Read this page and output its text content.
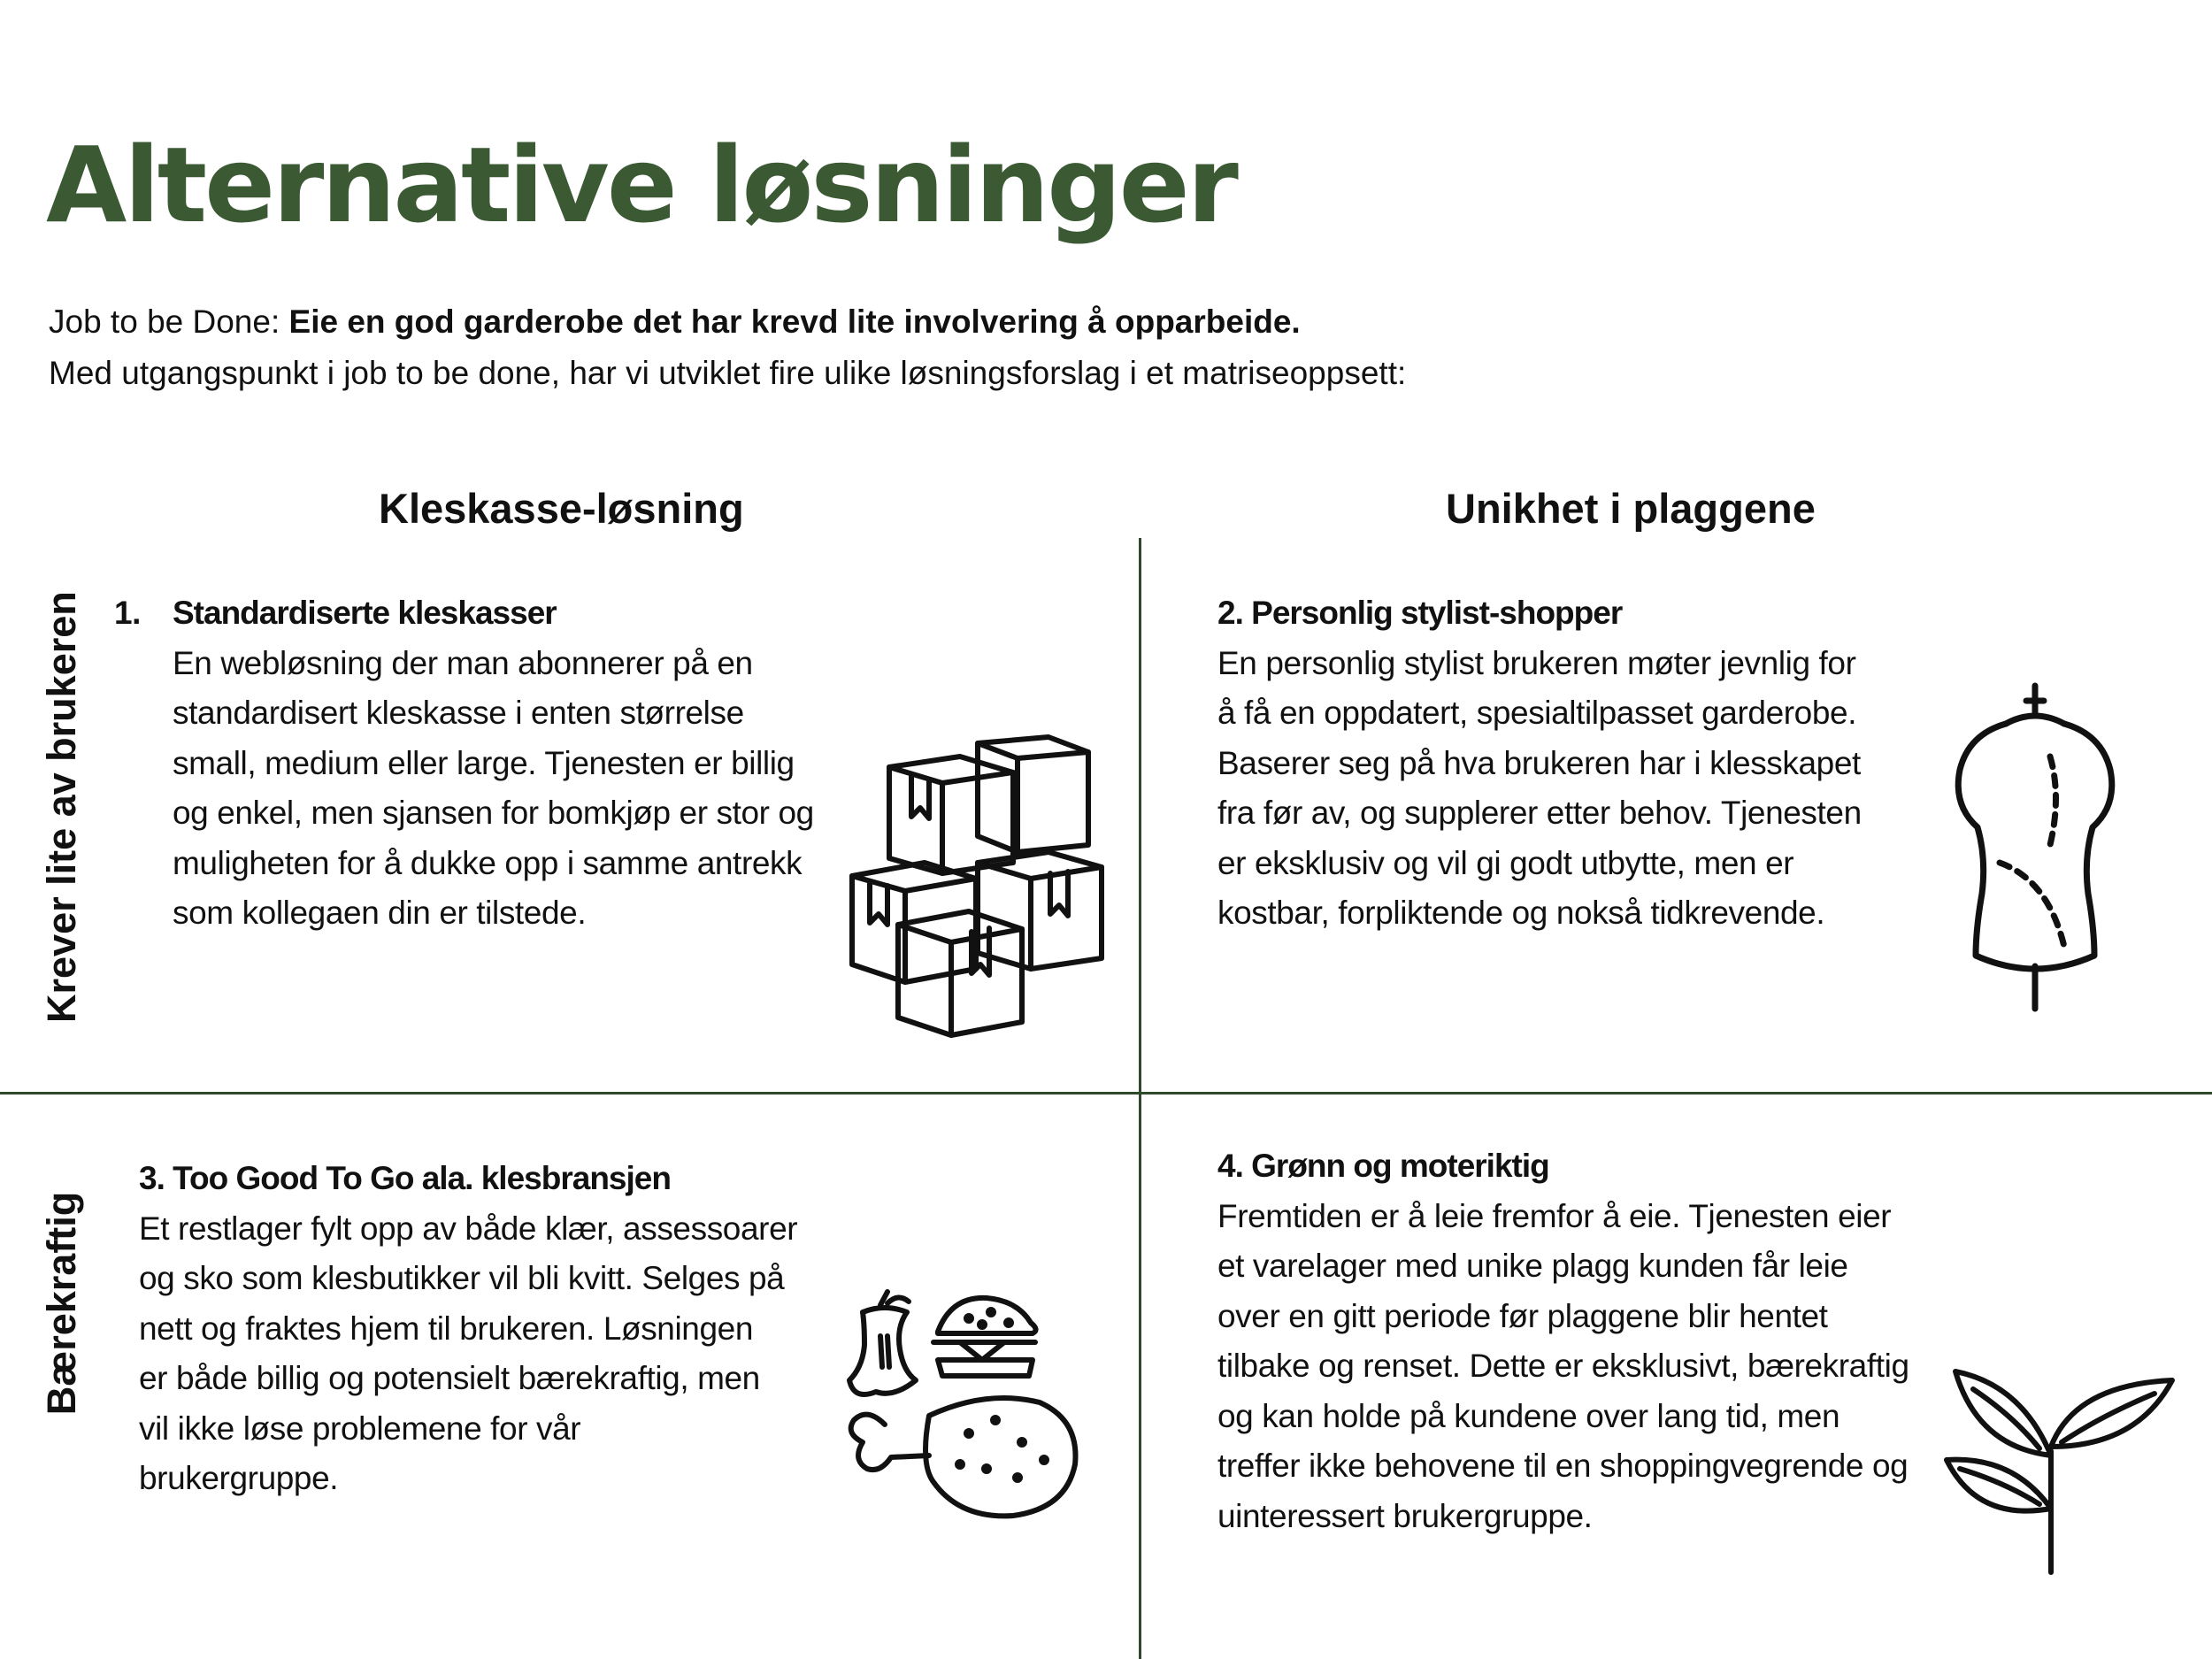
Alternative løsninger
Job to be Done: Eie en god garderobe det har krevd lite involvering å opparbeide.
Med utgangspunkt i job to be done, har vi utviklet fire ulike løsningsforslag i et matriseoppsett:
Kleskasse-løsning	Unikhet i plaggene
Krever lite av brukeren
Bærekraftig
1. Standardiserte kleskasser

En webløsning der man abonnerer på en

standardisert kleskasse i enten størrelse

small, medium eller large. Tjenesten er billig

og enkel, men sjansen for bomkjøp er stor og

muligheten for å dukke opp i samme antrekk

som kollegaen din er tilstede.

2. Personlig stylist-shopper

En personlig stylist brukeren møter jevnlig for

å få en oppdatert, spesialtilpasset garderobe.

Baserer seg på hva brukeren har i klesskapet

fra før av, og supplerer etter behov. Tjenesten

er eksklusiv og vil gi godt utbytte, men er

kostbar, forpliktende og nokså tidkrevende.

3. Too Good To Go ala. klesbransjen

Et restlager fylt opp av både klær, assessoarer

og sko som klesbutikker vil bli kvitt. Selges på

nett og fraktes hjem til brukeren. Løsningen

er både billig og potensielt bærekraftig, men

vil ikke løse problemene for vår

brukergruppe.

4. Grønn og moteriktig

Fremtiden er å leie fremfor å eie. Tjenesten eier

et varelager med unike plagg kunden får leie

over en gitt periode før plaggene blir hentet

tilbake og renset. Dette er eksklusivt, bærekraftig

og kan holde på kundene over lang tid, men

treffer ikke behovene til en shoppingvegrende og

uinteressert brukergruppe.
